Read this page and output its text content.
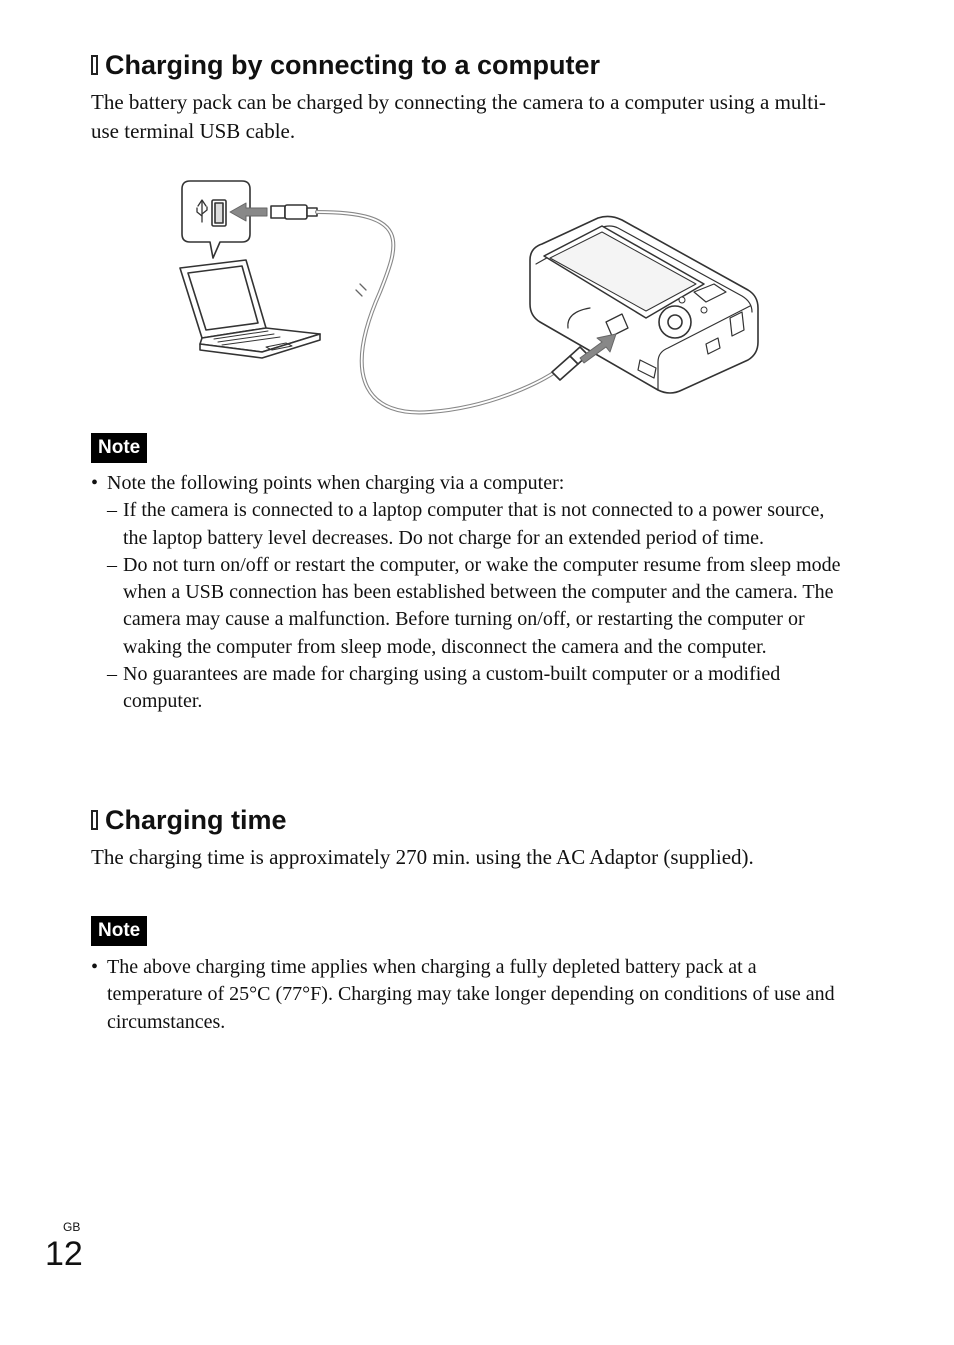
Charging by connecting to a computer
The battery pack can be charged by connecting the camera to a computer using a multi-use terminal USB cable.
Note
• Note the following points when charging via a computer:
– If the camera is connected to a laptop computer that is not connected to a power source, the laptop battery level decreases. Do not charge for an extended period of time.
– Do not turn on/off or restart the computer, or wake the computer resume from sleep mode when a USB connection has been established between the computer and the camera. The camera may cause a malfunction. Before turning on/off, or restarting the computer or waking the computer from sleep mode, disconnect the camera and the computer.
– No guarantees are made for charging using a custom-built computer or a modified computer.
Charging time
The charging time is approximately 270 min. using the AC Adaptor (supplied).
Note
• The above charging time applies when charging a fully depleted battery pack at a temperature of 25°C (77°F). Charging may take longer depending on conditions of use and circumstances.
GB
12
